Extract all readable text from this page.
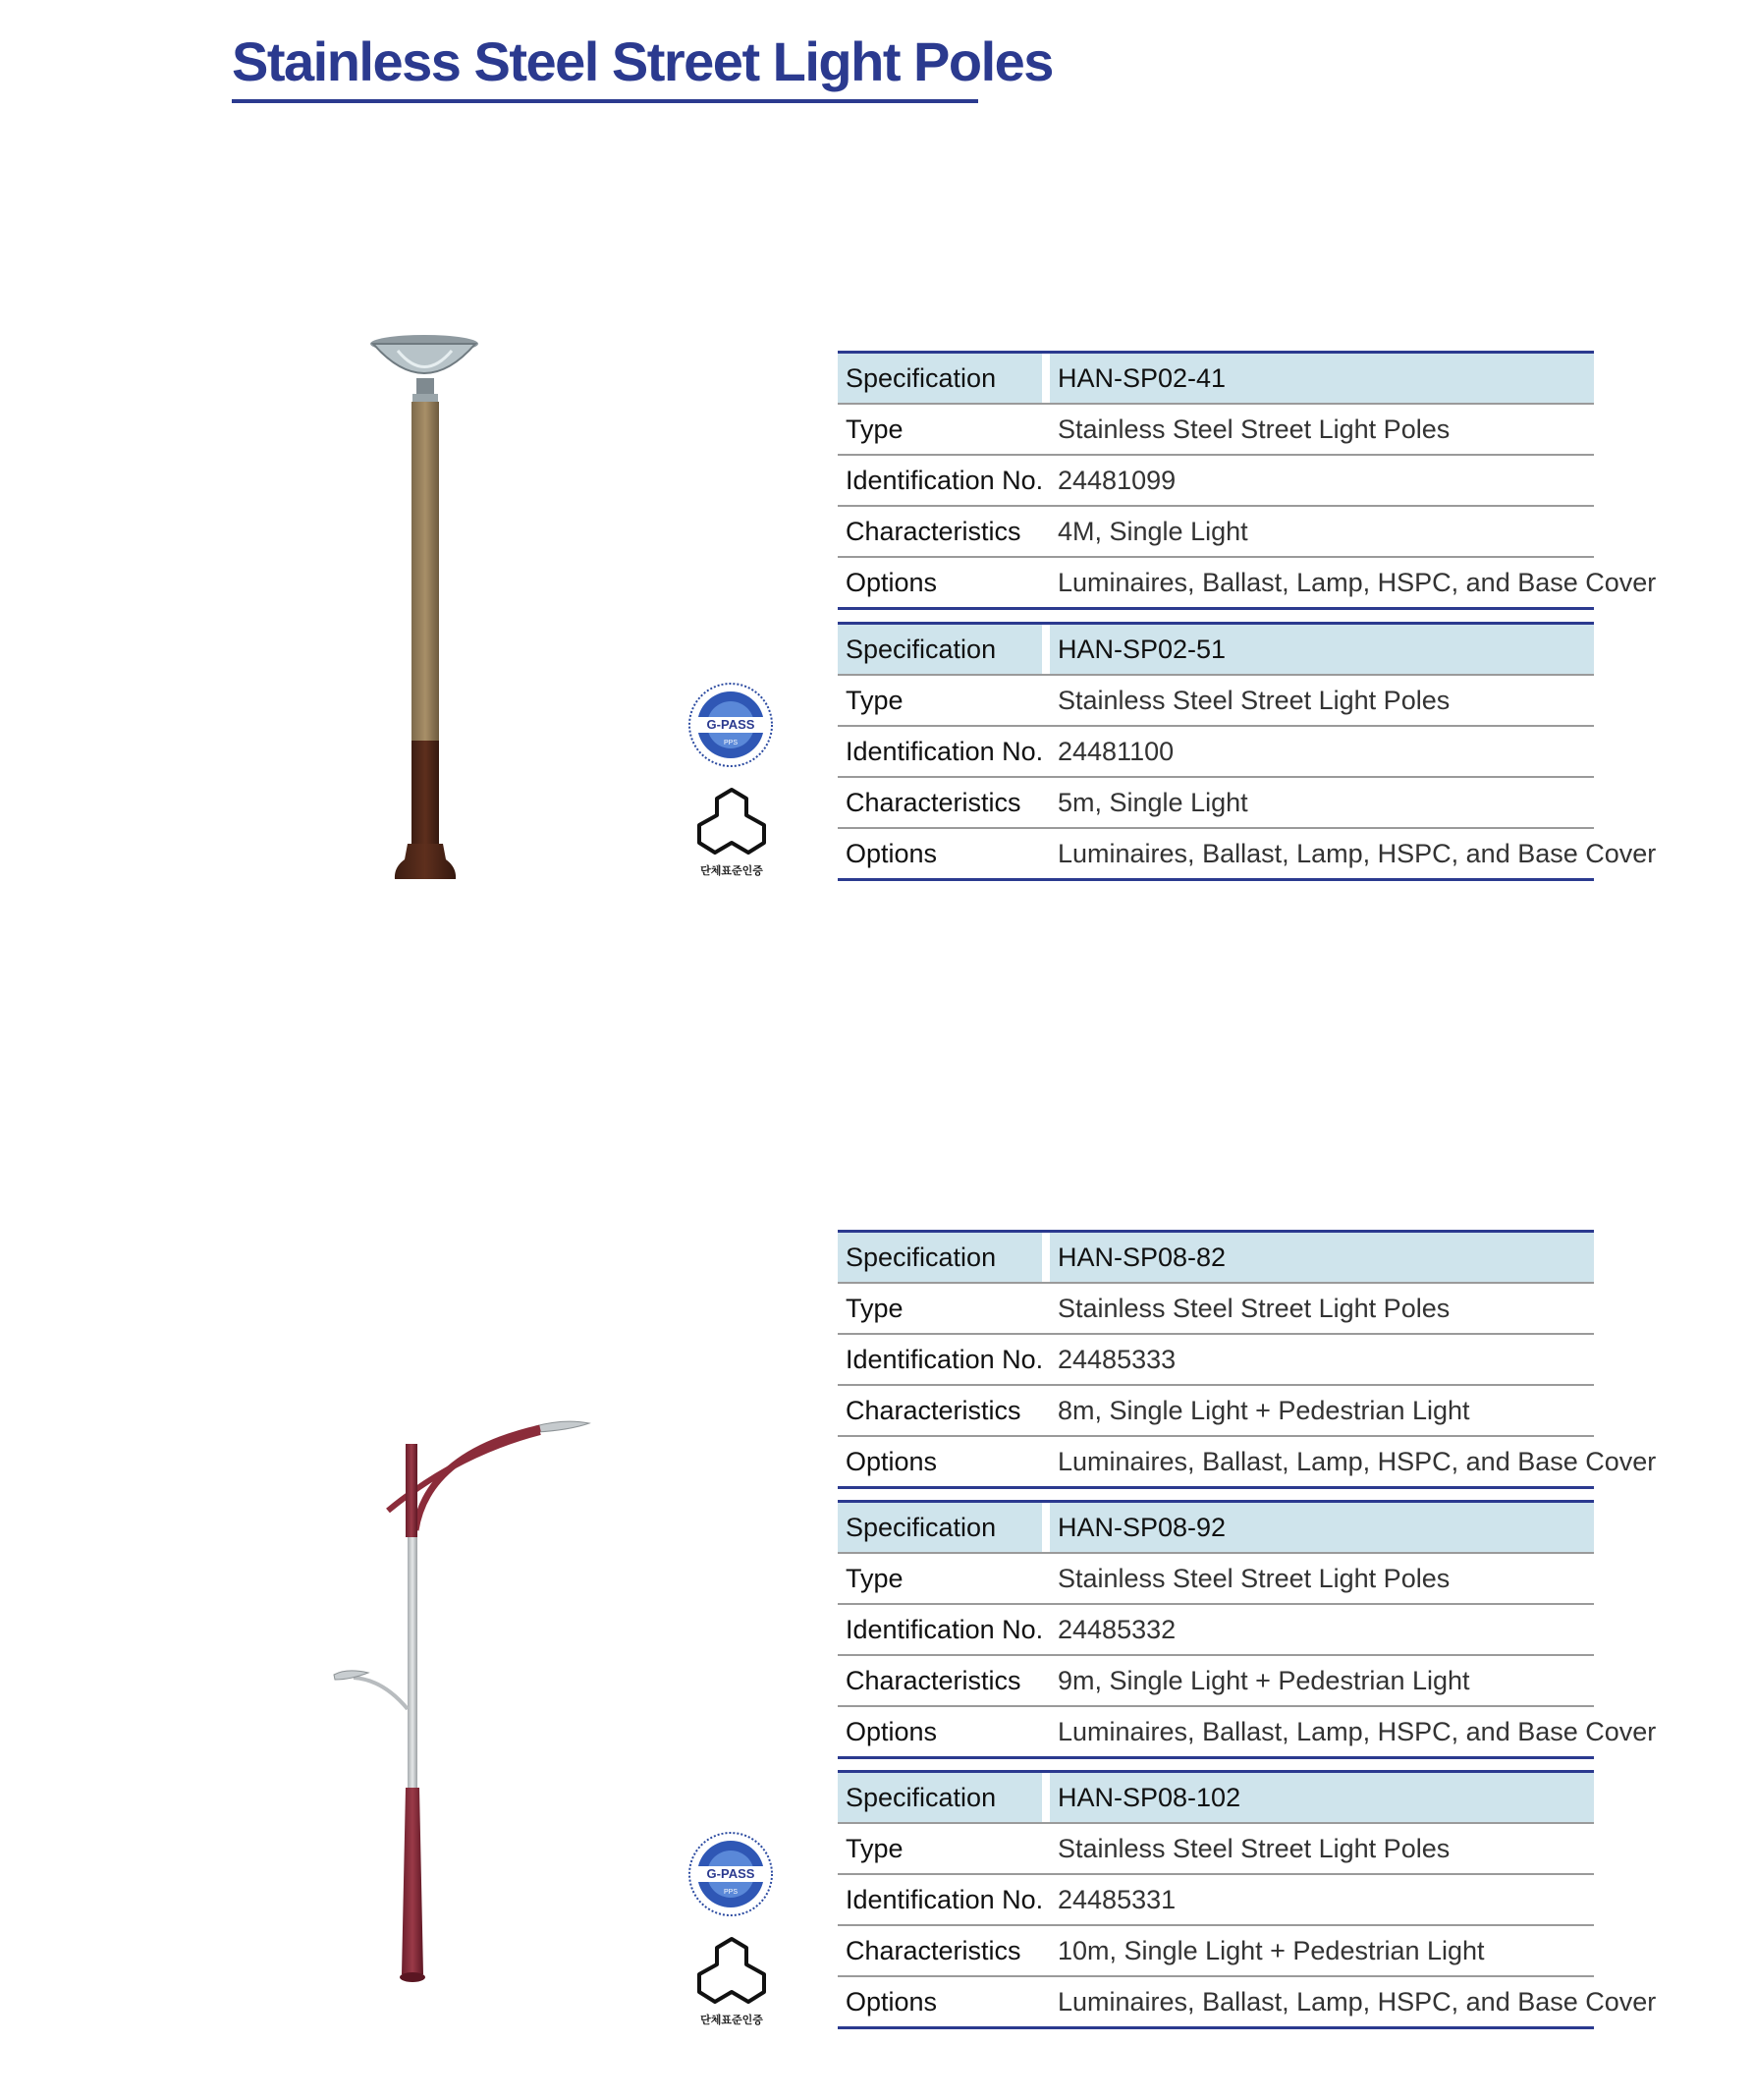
Stainless Steel Street Light Poles
G-PASS
PPS
단체표준인증
G-PASS
PPS
단체표준인증
Specification		HAN-SP02-41
Type		Stainless Steel Street Light Poles
Identification No.		24481099
Characteristics		4M, Single Light
Options		Luminaires, Ballast, Lamp, HSPC, and Base Cover
Specification		HAN-SP02-51
Type		Stainless Steel Street Light Poles
Identification No.		24481100
Characteristics		5m, Single Light
Options		Luminaires, Ballast, Lamp, HSPC, and Base Cover
Specification		HAN-SP08-82
Type		Stainless Steel Street Light Poles
Identification No.		24485333
Characteristics		8m, Single Light + Pedestrian Light
Options		Luminaires, Ballast, Lamp, HSPC, and Base Cover
Specification		HAN-SP08-92
Type		Stainless Steel Street Light Poles
Identification No.		24485332
Characteristics		9m, Single Light + Pedestrian Light
Options		Luminaires, Ballast, Lamp, HSPC, and Base Cover
Specification		HAN-SP08-102
Type		Stainless Steel Street Light Poles
Identification No.		24485331
Characteristics		10m, Single Light + Pedestrian Light
Options		Luminaires, Ballast, Lamp, HSPC, and Base Cover
